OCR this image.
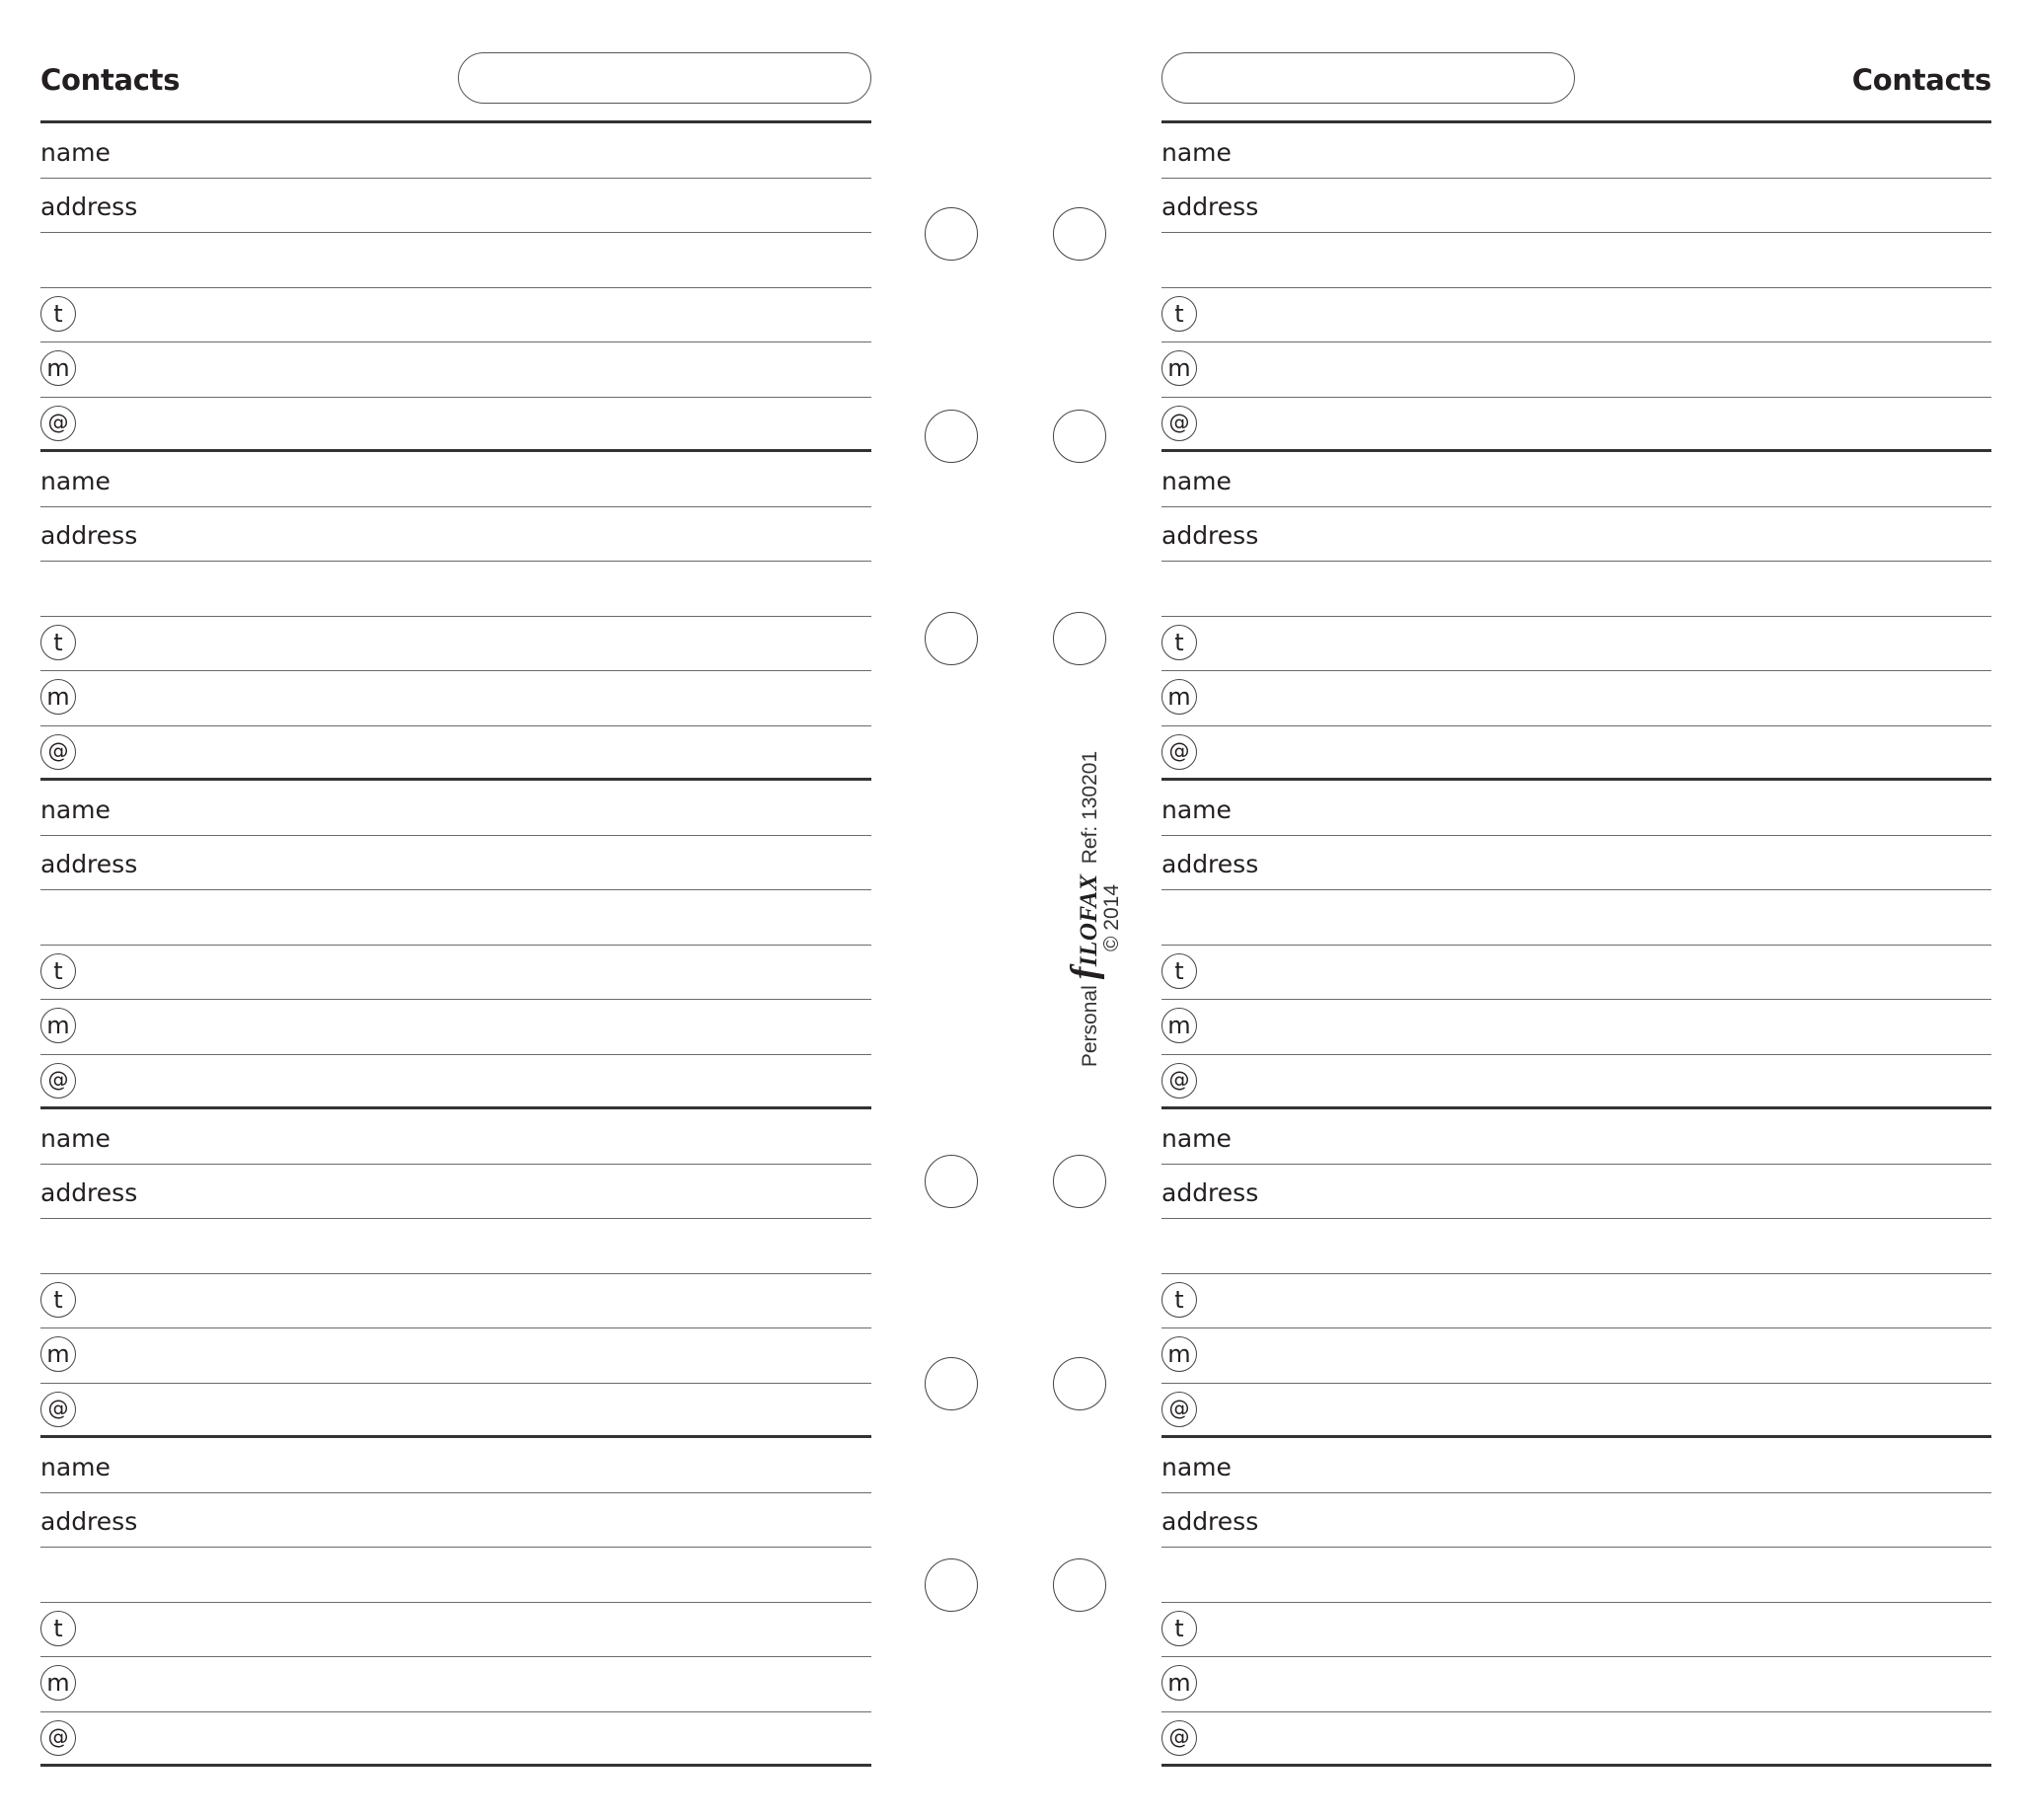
Contacts
name
address
t
m
@
name
address
t
m
@
name
address
t
m
@
name
address
t
m
@
name
address
t
m
@
Contacts
name
address
t
m
@
name
address
t
m
@
name
address
t
m
@
name
address
t
m
@
name
address
t
m
@
PersonalfILOFAXRef: 130201
© 2014
